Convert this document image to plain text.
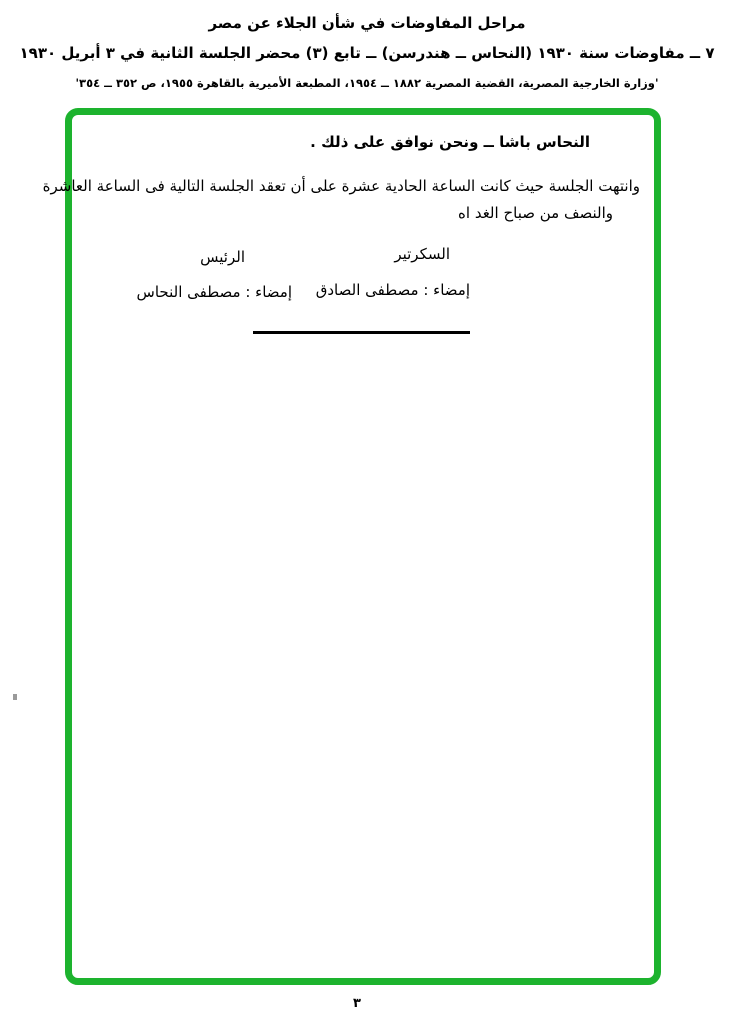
مراحل المفاوضات في شأن الجلاء عن مصر
٧ ــ مفاوضات سنة ١٩٣٠ (النحاس ــ هندرسن) ــ تابع (٣) محضر الجلسة الثانية في ٣ أبريل ١٩٣٠
'وزارة الخارجية المصرية، القضية المصرية ١٨٨٢ ــ ١٩٥٤، المطبعة الأميرية بالقاهرة ١٩٥٥، ص ٣٥٢ ــ ٣٥٤'
النحاس باشا ــ ونحن نوافق على ذلك .
وانتهت الجلسة حيث كانت الساعة الحادية عشرة على أن تعقد الجلسة التالية فى الساعة العاشرة
والنصف من صباح الغد اه
السكرتير
الرئيس
إمضاء : مصطفى الصادق
إمضاء : مصطفى النحاس
٣
